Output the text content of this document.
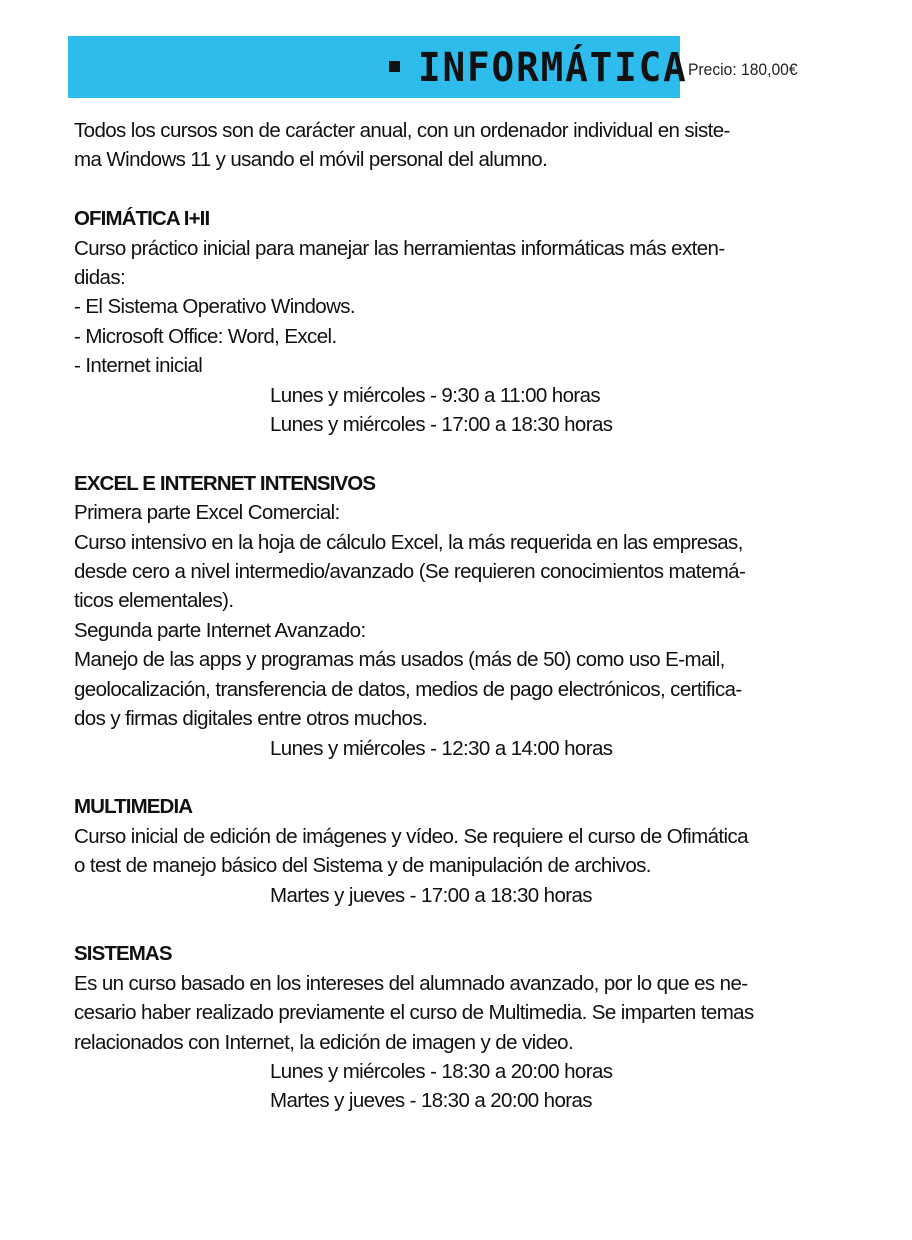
INFORMÁTICA Precio: 180,00€

Todos los cursos son de carácter anual, con un ordenador individual en siste-

ma Windows 11 y usando el móvil personal del alumno.

OFIMÁTICA I+II

Curso práctico inicial para manejar las herramientas informáticas más exten-

didas:

- El Sistema Operativo Windows.

- Microsoft Office: Word, Excel.

- Internet inicial

Lunes y miércoles - 9:30 a 11:00 horas

Lunes y miércoles - 17:00 a 18:30 horas

EXCEL E INTERNET INTENSIVOS

Primera parte Excel Comercial:

Curso intensivo en la hoja de cálculo Excel, la más requerida en las empresas,

desde cero a nivel intermedio/avanzado (Se requieren conocimientos matemá-

ticos elementales).

Segunda parte Internet Avanzado:

Manejo de las apps y programas más usados (más de 50) como uso E-mail,

geolocalización, transferencia de datos, medios de pago electrónicos, certifica-

dos y firmas digitales entre otros muchos.

Lunes y miércoles - 12:30 a 14:00 horas

MULTIMEDIA

Curso inicial de edición de imágenes y vídeo. Se requiere el curso de Ofimática

o test de manejo básico del Sistema y de manipulación de archivos.

Martes y jueves - 17:00 a 18:30 horas

SISTEMAS

Es un curso basado en los intereses del alumnado avanzado, por lo que es ne-

cesario haber realizado previamente el curso de Multimedia. Se imparten temas

relacionados con Internet, la edición de imagen y de video.

Lunes y miércoles - 18:30 a 20:00 horas

Martes y jueves - 18:30 a 20:00 horas
